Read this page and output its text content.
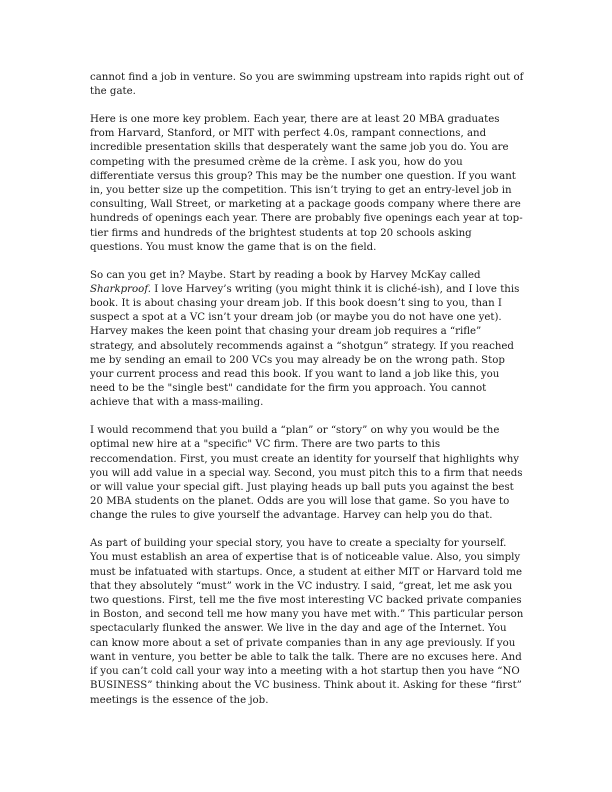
cannot find a job in venture. So you are swimming upstream into rapids right out of the gate.

Here is one more key problem. Each year, there are at least 20 MBA graduates from Harvard, Stanford, or MIT with perfect 4.0s, rampant connections, and incredible presentation skills that desperately want the same job you do. You are competing with the presumed crème de la crème. I ask you, how do you differentiate versus this group? This may be the number one question. If you want in, you better size up the competition. This isn’t trying to get an entry-level job in consulting, Wall Street, or marketing at a package goods company where there are hundreds of openings each year. There are probably five openings each year at top-tier firms and hundreds of the brightest students at top 20 schools asking questions. You must know the game that is on the field.

So can you get in? Maybe. Start by reading a book by Harvey McKay called Sharkproof. I love Harvey’s writing (you might think it is cliché-ish), and I love this book. It is about chasing your dream job. If this book doesn’t sing to you, than I suspect a spot at a VC isn’t your dream job (or maybe you do not have one yet). Harvey makes the keen point that chasing your dream job requires a “rifle” strategy, and absolutely recommends against a “shotgun” strategy. If you reached me by sending an email to 200 VCs you may already be on the wrong path. Stop your current process and read this book. If you want to land a job like this, you need to be the "single best" candidate for the firm you approach. You cannot achieve that with a mass-mailing.

I would recommend that you build a “plan” or “story” on why you would be the optimal new hire at a "specific" VC firm. There are two parts to this reccomendation. First, you must create an identity for yourself that highlights why you will add value in a special way. Second, you must pitch this to a firm that needs or will value your special gift. Just playing heads up ball puts you against the best 20 MBA students on the planet. Odds are you will lose that game. So you have to change the rules to give yourself the advantage. Harvey can help you do that.

As part of building your special story, you have to create a specialty for yourself. You must establish an area of expertise that is of noticeable value. Also, you simply must be infatuated with startups. Once, a student at either MIT or Harvard told me that they absolutely “must” work in the VC industry. I said, “great, let me ask you two questions. First, tell me the five most interesting VC backed private companies in Boston, and second tell me how many you have met with.” This particular person spectacularly flunked the answer. We live in the day and age of the Internet. You can know more about a set of private companies than in any age previously. If you want in venture, you better be able to talk the talk. There are no excuses here. And if you can’t cold call your way into a meeting with a hot startup then you have “NO BUSINESS” thinking about the VC business. Think about it. Asking for these “first” meetings is the essence of the job.
